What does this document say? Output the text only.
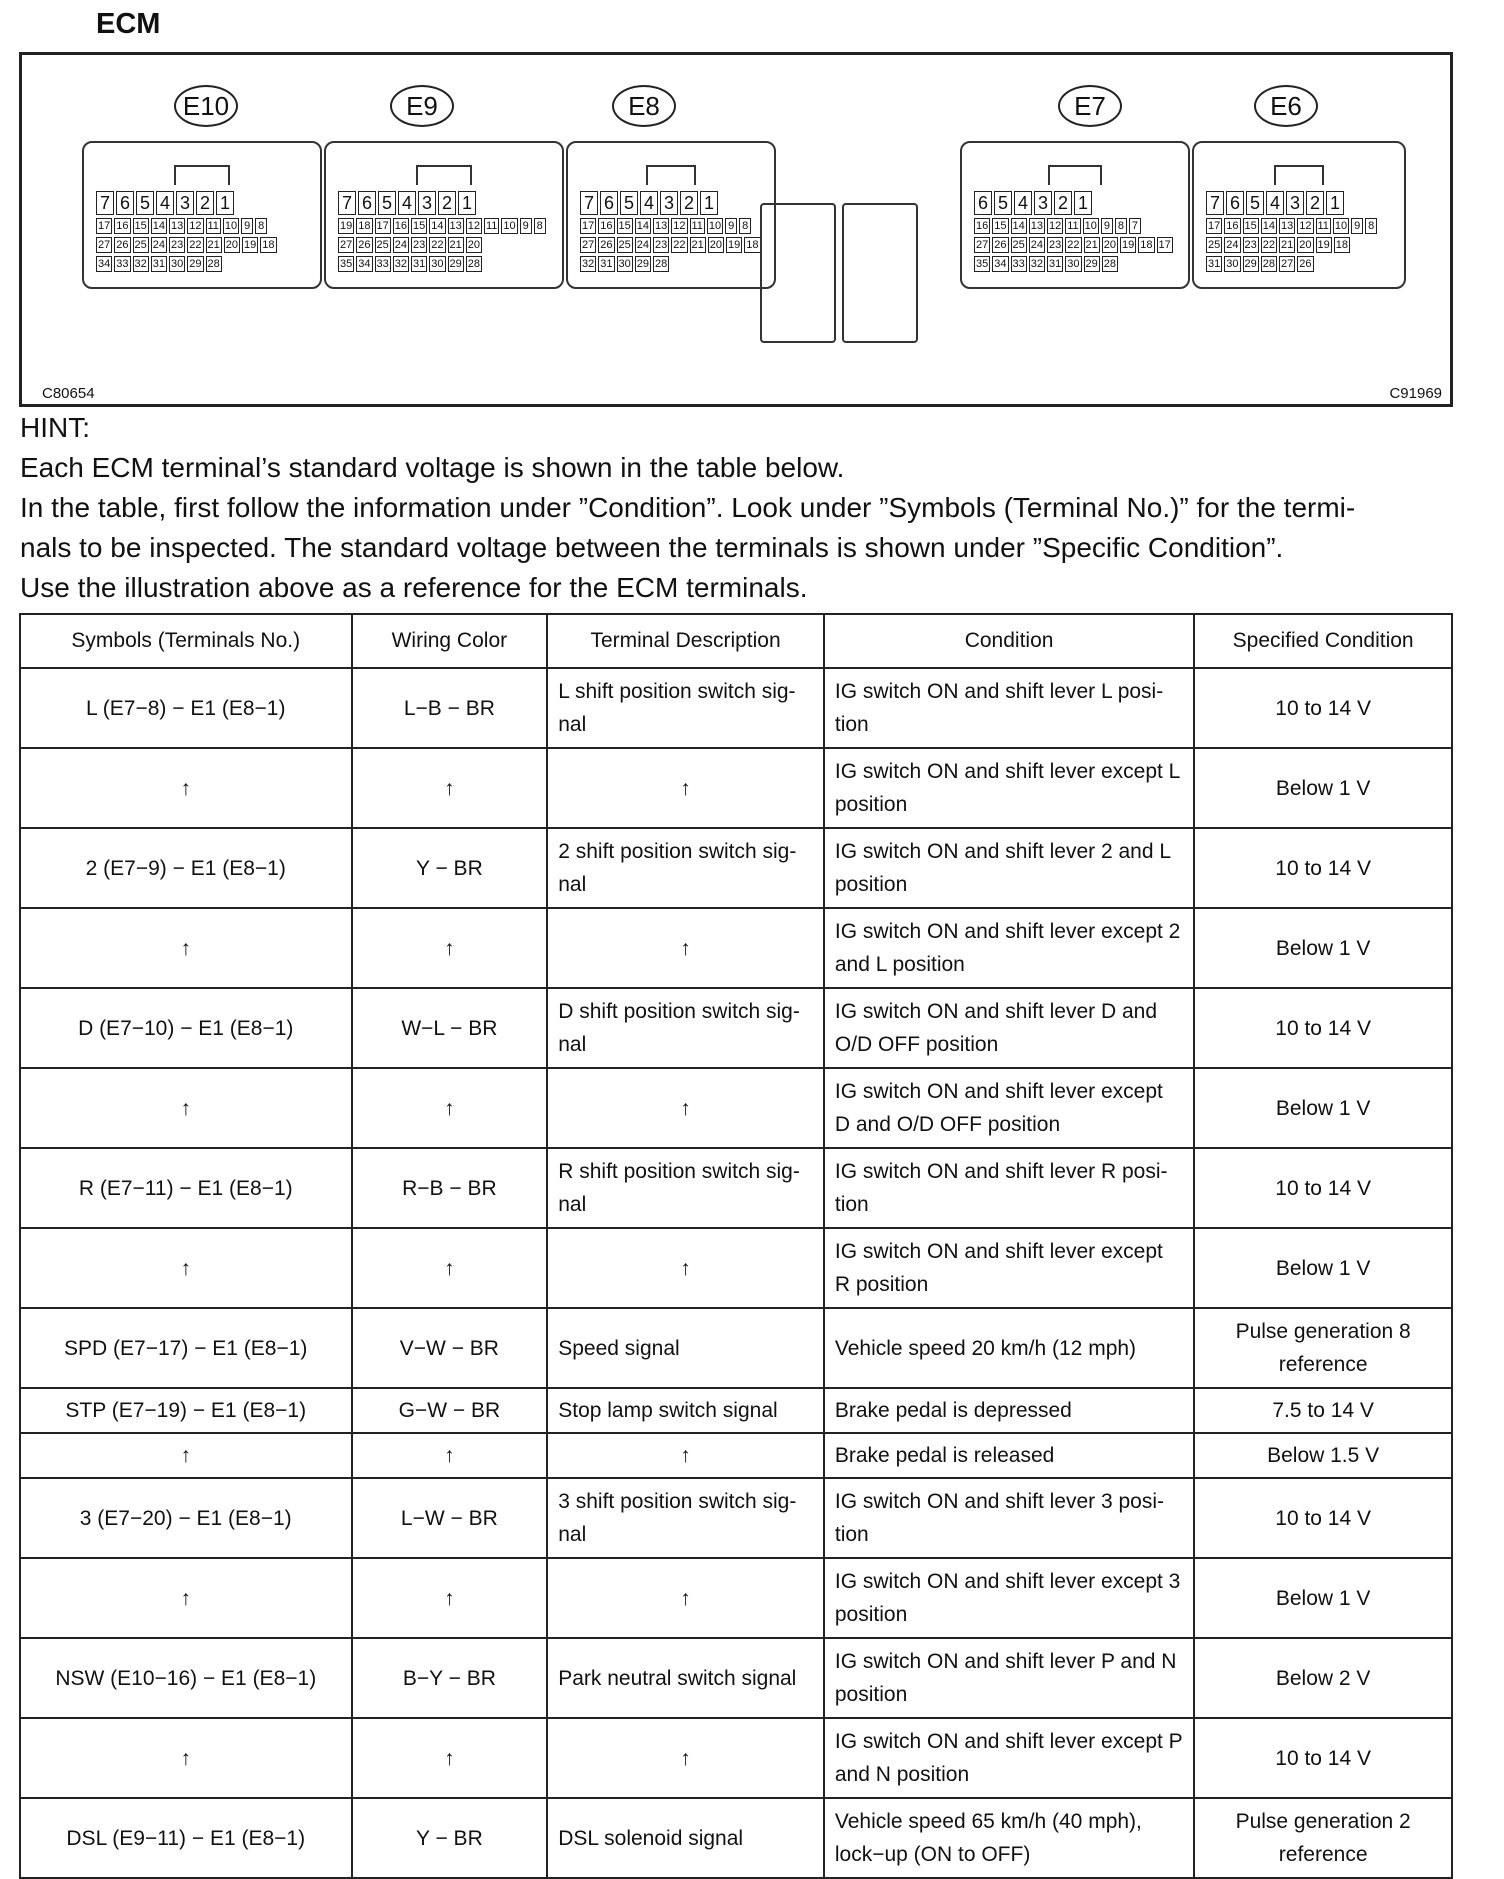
ECM
7 6 5 4 3 2 1
17 16 15 14 13 12 11 10 9 8
27 26 25 24 23 22 21 20 19 18
34 33 32 31 30 29 28
7 6 5 4 3 2 1
19 18 17 16 15 14 13 12 11 10 9 8
27 26 25 24 23 22 21 20
35 34 33 32 31 30 29 28
7 6 5 4 3 2 1
17 16 15 14 13 12 11 10 9 8
27 26 25 24 23 22 21 20 19 18
32 31 30 29 28
6 5 4 3 2 1
16 15 14 13 12 11 10 9 8 7
27 26 25 24 23 22 21 20 19 18 17
35 34 33 32 31 30 29 28
7 6 5 4 3 2 1
17 16 15 14 13 12 11 10 9 8
25 24 23 22 21 20 19 18
31 30 29 28 27 26
E10	E9	E8	E7	E6
C80654	C91969

HINT:

Each ECM terminal’s standard voltage is shown in the table below.

In the table, first follow the information under ”Condition”. Look under ”Symbols (Terminal No.)” for the termi-

nals to be inspected. The standard voltage between the terminals is shown under ”Specific Condition”.

Use the illustration above as a reference for the ECM terminals.

Symbols (Terminals No.)	Wiring Color	Terminal Description	Condition	Specified Condition
L (E7−8) − E1 (E8−1)	L−B − BR	L shift position switch sig-nal	IG switch ON and shift lever L posi-tion	10 to 14 V
↑	↑	↑	IG switch ON and shift lever except L position	Below 1 V
2 (E7−9) − E1 (E8−1)	Y − BR	2 shift position switch sig-nal	IG switch ON and shift lever 2 and L position	10 to 14 V
↑	↑	↑	IG switch ON and shift lever except 2 and L position	Below 1 V
D (E7−10) − E1 (E8−1)	W−L − BR	D shift position switch sig-nal	IG switch ON and shift lever D and O/D OFF position	10 to 14 V
↑	↑	↑	IG switch ON and shift lever except D and O/D OFF position	Below 1 V
R (E7−11) − E1 (E8−1)	R−B − BR	R shift position switch sig-nal	IG switch ON and shift lever R posi-tion	10 to 14 V
↑	↑	↑	IG switch ON and shift lever except R position	Below 1 V
SPD (E7−17) − E1 (E8−1)	V−W − BR	Speed signal	Vehicle speed 20 km/h (12 mph)	Pulse generation 8 reference
STP (E7−19) − E1 (E8−1)	G−W − BR	Stop lamp switch signal	Brake pedal is depressed	7.5 to 14 V
↑	↑	↑	Brake pedal is released	Below 1.5 V
3 (E7−20) − E1 (E8−1)	L−W − BR	3 shift position switch sig-nal	IG switch ON and shift lever 3 posi-tion	10 to 14 V
↑	↑	↑	IG switch ON and shift lever except 3 position	Below 1 V
NSW (E10−16) − E1 (E8−1)	B−Y − BR	Park neutral switch signal	IG switch ON and shift lever P and N position	Below 2 V
↑	↑	↑	IG switch ON and shift lever except P and N position	10 to 14 V
DSL (E9−11) − E1 (E8−1)	Y − BR	DSL solenoid signal	Vehicle speed 65 km/h (40 mph), lock−up (ON to OFF)	Pulse generation 2 reference
